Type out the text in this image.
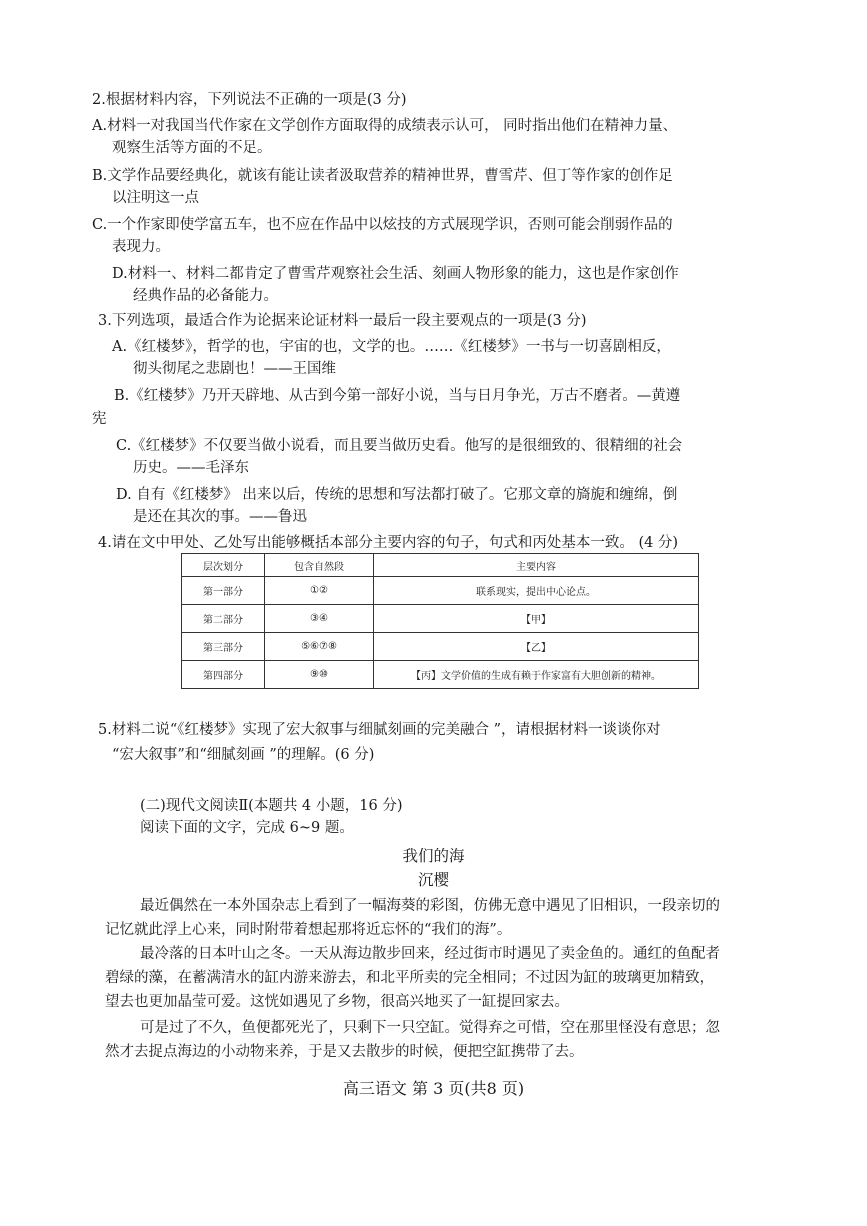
2.根据材料内容，下列说法不正确的一项是(3 分)
A.材料一对我国当代作家在文学创作方面取得的成绩表示认可， 同时指出他们在精神力量、
观察生活等方面的不足。
B.文学作品要经典化，就该有能让读者汲取营养的精神世界，曹雪芹、但丁等作家的创作足
以注明这一点
C.一个作家即使学富五车，也不应在作品中以炫技的方式展现学识，否则可能会削弱作品的
表现力。
D.材料一、材料二都肯定了曹雪芹观察社会生活、刻画人物形象的能力，这也是作家创作
经典作品的必备能力。
3.下列选项，最适合作为论据来论证材料一最后一段主要观点的一项是(3 分)
A.《红楼梦》，哲学的也，宇宙的也，文学的也。……《红楼梦》一书与一切喜剧相反，
彻头彻尾之悲剧也！——王国维
B.《红楼梦》乃开天辟地、从古到今第一部好小说，当与日月争光，万古不磨者。—黄遵
宪
C.《红楼梦》不仅要当做小说看，而且要当做历史看。他写的是很细致的、很精细的社会
历史。——毛泽东
D. 自有《红楼梦》 出来以后，传统的思想和写法都打破了。它那文章的旖旎和缠绵，倒
是还在其次的事。——鲁迅
4.请在文中甲处、乙处写出能够概括本部分主要内容的句子，句式和丙处基本一致。 (4 分)
层次划分	包含自然段	主要内容
第一部分	①②	联系现实，提出中心论点。
第二部分	③④	【甲】
第三部分	⑤⑥⑦⑧	【乙】
第四部分	⑨⑩	【丙】文学价值的生成有赖于作家富有大胆创新的精神。
5.材料二说“《红楼梦》实现了宏大叙事与细腻刻画的完美融合 ”，请根据材料一谈谈你对
“宏大叙事”和“细腻刻画 ”的理解。(6 分)
(二)现代文阅读Ⅱ(本题共 4 小题，16 分)
阅读下面的文字，完成 6~9 题。
我们的海
沉樱
最近偶然在一本外国杂志上看到了一幅海葵的彩图，仿佛无意中遇见了旧相识，一段亲切的
记忆就此浮上心来，同时附带着想起那将近忘怀的“我们的海”。
最冷落的日本叶山之冬。一天从海边散步回来，经过街市时遇见了卖金鱼的。通红的鱼配者
碧绿的藻，在蓄满清水的缸内游来游去，和北平所卖的完全相同；不过因为缸的玻璃更加精致，
望去也更加晶莹可爱。这恍如遇见了乡物，很高兴地买了一缸提回家去。
可是过了不久，鱼便都死光了，只剩下一只空缸。觉得弃之可惜，空在那里怪没有意思；忽
然才去捉点海边的小动物来养，于是又去散步的时候，便把空缸携带了去。
高三语文 第 3 页(共8 页)
